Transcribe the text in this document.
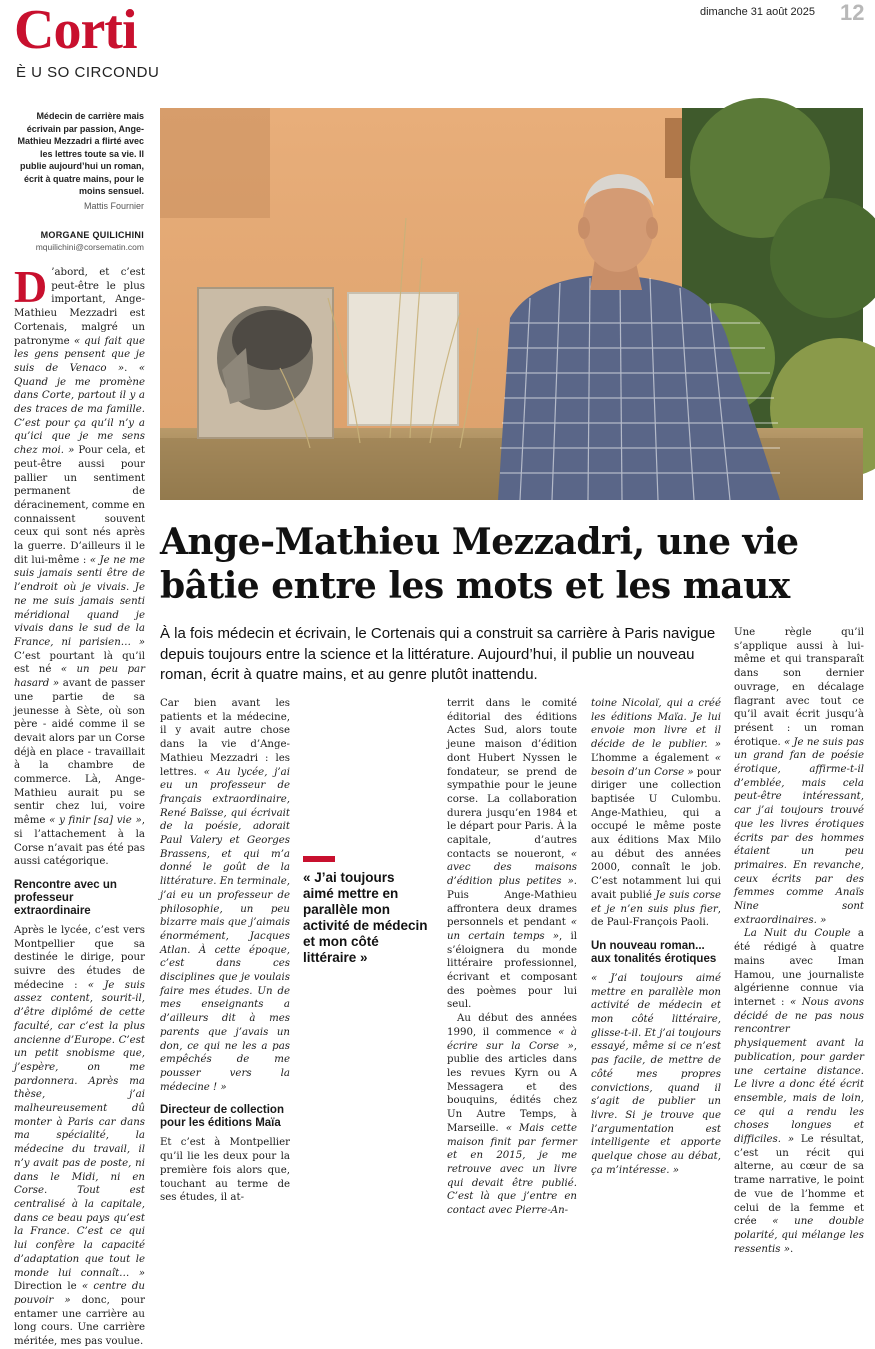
Corti
È U SO CIRCONDU
dimanche 31 août 2025 12
Médecin de carrière mais écrivain par passion, Ange-Mathieu Mezzadri a flirté avec les lettres toute sa vie. Il publie aujourd’hui un roman, écrit à quatre mains, pour le moins sensuel.
Mattis Fournier
MORGANE QUILICHINI
mquilichini@corsematin.com
Ange-Mathieu Mezzadri, une vie bâtie entre les mots et les maux

À la fois médecin et écrivain, le Cortenais qui a construit sa carrière à Paris navigue depuis toujours entre la science et la littérature. Aujourd’hui, il publie un nouveau roman, écrit à quatre mains, et au genre plutôt inattendu.

D ’abord, et c’est peut-être le plus important, Ange-Mathieu Mezzadri est Cortenais, malgré un patronyme « qui fait que les gens pensent que je suis de Venaco ». « Quand je me promène dans Corte, partout il y a des traces de ma famille. C’est pour ça qu’il n’y a qu’ici que je me sens chez moi. » Pour cela, et peut-être aussi pour pallier un sentiment permanent de déracinement, comme en connaissent souvent ceux qui sont nés après la guerre. D’ailleurs il le dit lui-même : « Je ne me suis jamais senti être de l’endroit où je vivais. Je ne me suis jamais senti méridional quand je vivais dans le sud de la France, ni parisien… » C’est pourtant là qu’il est né « un peu par hasard » avant de passer une partie de sa jeunesse à Sète, où son père - aidé comme il se devait alors par un Corse déjà en place - travaillait à la chambre de commerce. Là, Ange-Mathieu aurait pu se sentir chez lui, voire même « y finir [sa] vie », si l’attachement à la Corse n’avait pas été pas aussi catégorique.

Rencontre avec un professeur extraordinaire

Après le lycée, c’est vers Montpellier que sa destinée le dirige, pour suivre des études de médecine : « Je suis assez content, sourit-il, d’être diplômé de cette faculté, car c’est la plus ancienne d’Europe. C’est un petit snobisme que, j’espère, on me pardonnera. Après ma thèse, j’ai malheureusement dû monter à Paris car dans ma spécialité, la médecine du travail, il n’y avait pas de poste, ni dans le Midi, ni en Corse. Tout est centralisé à la capitale, dans ce beau pays qu’est la France. C’est ce qui lui confère la capacité d’adaptation que tout le monde lui connaît… » Direction le « centre du pouvoir » donc, pour entamer une carrière au long cours. Une carrière méritée, mes pas voulue.

Car bien avant les patients et la médecine, il y avait autre chose dans la vie d’Ange-Mathieu Mezzadri : les lettres. « Au lycée, j’ai eu un professeur de français extraordinaire, René Baïsse, qui écrivait de la poésie, adorait Paul Valery et Georges Brassens, et qui m’a donné le goût de la littérature. En terminale, j’ai eu un professeur de philosophie, un peu bizarre mais que j’aimais énormément, Jacques Atlan. À cette époque, c’est dans ces disciplines que je voulais faire mes études. Un de mes enseignants a d’ailleurs dit à mes parents que j’avais un don, ce qui ne les a pas empêchés de me pousser vers la médecine ! »

Directeur de collection pour les éditions Maïa

Et c’est à Montpellier qu’il lie les deux pour la première fois alors que, touchant au terme de ses études, il at-

« J’ai toujours aimé mettre en parallèle mon activité de médecin et mon côté littéraire »

territ dans le comité éditorial des éditions Actes Sud, alors toute jeune maison d’édition dont Hubert Nyssen le fondateur, se prend de sympathie pour le jeune corse. La collaboration durera jusqu’en 1984 et le départ pour Paris. À la capitale, d’autres contacts se noueront, « avec des maisons d’édition plus petites ». Puis Ange-Mathieu affrontera deux drames personnels et pendant « un certain temps », il s’éloignera du monde littéraire professionnel, écrivant et composant des poèmes pour lui seul.

Au début des années 1990, il commence « à écrire sur la Corse », publie des articles dans les revues Kyrn ou A Messagera et des bouquins, édités chez Un Autre Temps, à Marseille. « Mais cette maison finit par fermer et en 2015, je me retrouve avec un livre qui devait être publié. C’est là que j’entre en contact avec Pierre-An-

toine Nicolaï, qui a créé les éditions Maïa. Je lui envoie mon livre et il décide de le publier. » L’homme a également « besoin d’un Corse » pour diriger une collection baptisée U Culombu. Ange-Mathieu, qui a occupé le même poste aux éditions Max Milo au début des années 2000, connaît le job. C’est notamment lui qui avait publié Je suis corse et je n’en suis plus fier, de Paul-François Paoli.

Un nouveau roman... aux tonalités érotiques

« J’ai toujours aimé mettre en parallèle mon activité de médecin et mon côté littéraire, glisse-t-il. Et j’ai toujours essayé, même si ce n’est pas facile, de mettre de côté mes propres convictions, quand il s’agit de publier un livre. Si je trouve que l’argumentation est intelligente et apporte quelque chose au débat, ça m’intéresse. »

Une règle qu’il s’applique aussi à lui-même et qui transparaît dans son dernier ouvrage, en décalage flagrant avec tout ce qu’il avait écrit jusqu’à présent : un roman érotique. « Je ne suis pas un grand fan de poésie érotique, affirme-t-il d’emblée, mais cela peut-être intéressant, car j’ai toujours trouvé que les livres érotiques écrits par des hommes étaient un peu primaires. En revanche, ceux écrits par des femmes comme Anaïs Nine sont extraordinaires. »

La Nuit du Couple a été rédigé à quatre mains avec Iman Hamou, une journaliste algérienne connue via internet : « Nous avons décidé de ne pas nous rencontrer physiquement avant la publication, pour garder une certaine distance. Le livre a donc été écrit ensemble, mais de loin, ce qui a rendu les choses longues et difficiles. » Le résultat, c’est un récit qui alterne, au cœur de sa trame narrative, le point de vue de l’homme et celui de la femme et crée « une double polarité, qui mélange les ressentis ».
